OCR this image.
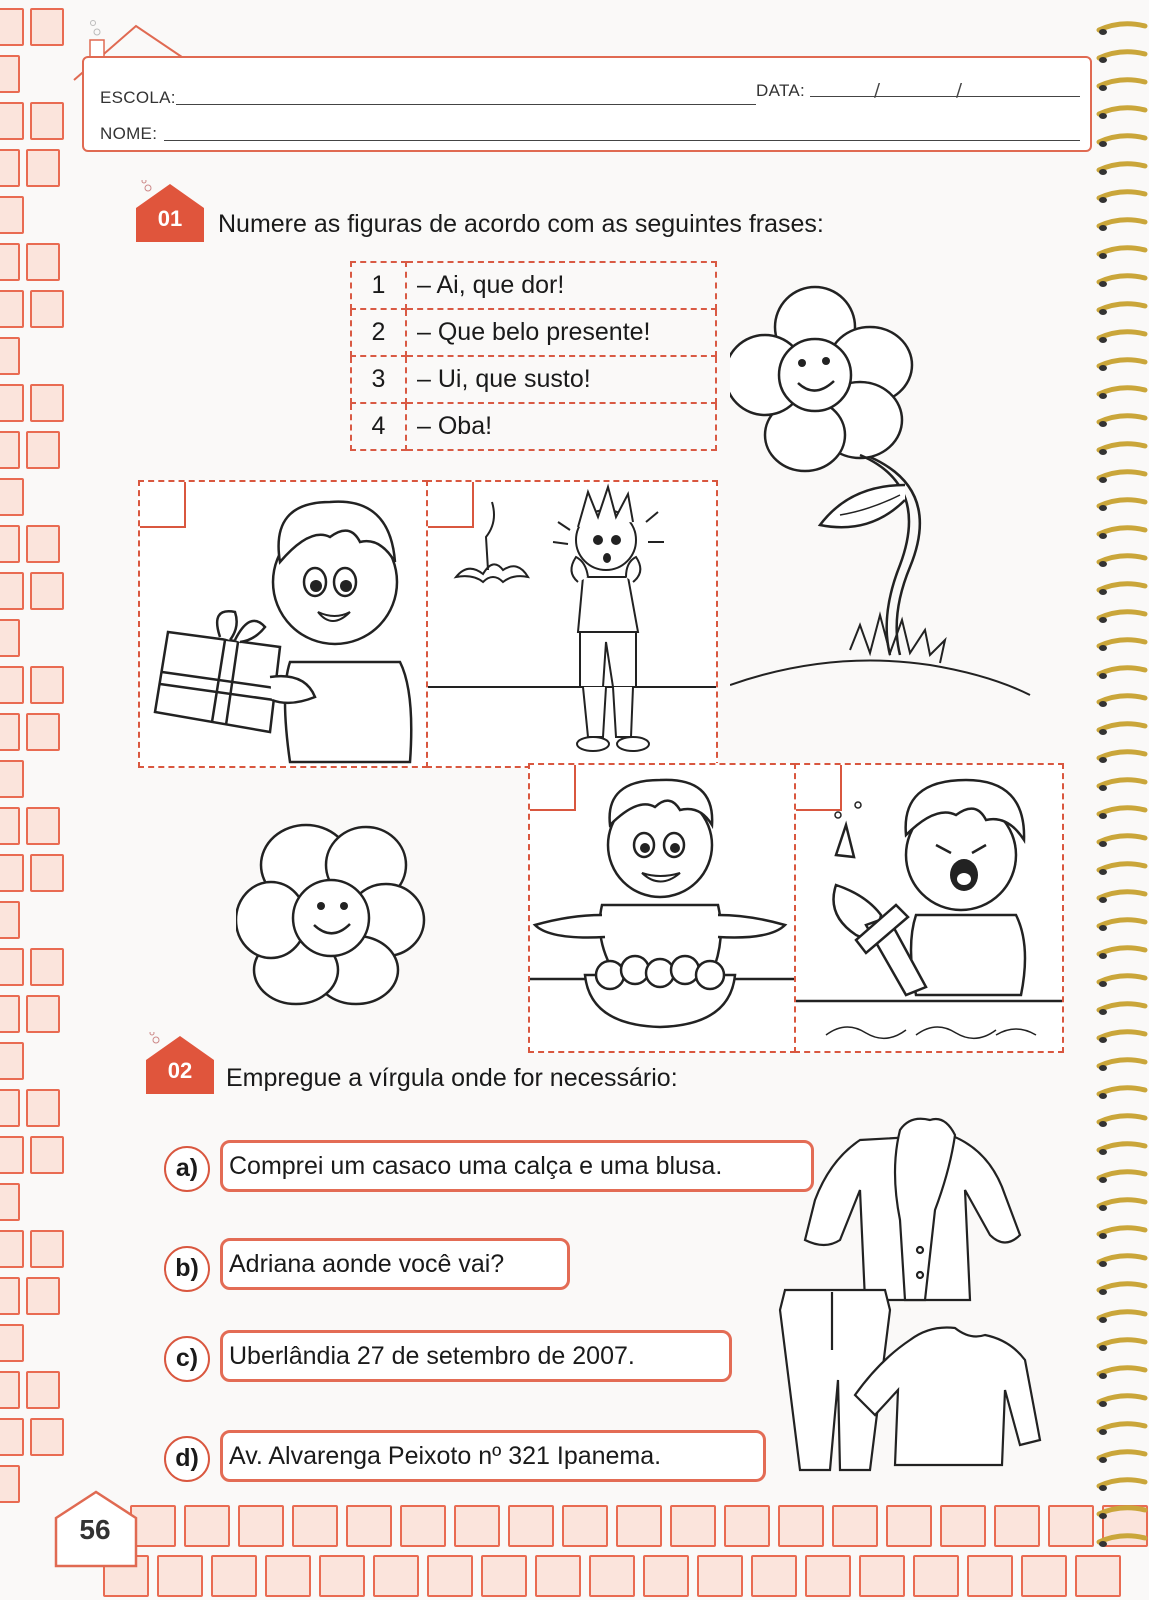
ESCOLA:	DATA:	/	/
NOME:
01	Numere as figuras de acordo com as seguintes frases:
1	– Ai, que dor!
2	– Que belo presente!
3	– Ui, que susto!
4	– Oba!
02	Empregue a vírgula onde for necessário:
a)	Comprei um casaco uma calça e uma blusa.
b)	Adriana aonde você vai?
c)	Uberlândia 27 de setembro de 2007.
d)	Av. Alvarenga Peixoto nº 321 Ipanema.
56
